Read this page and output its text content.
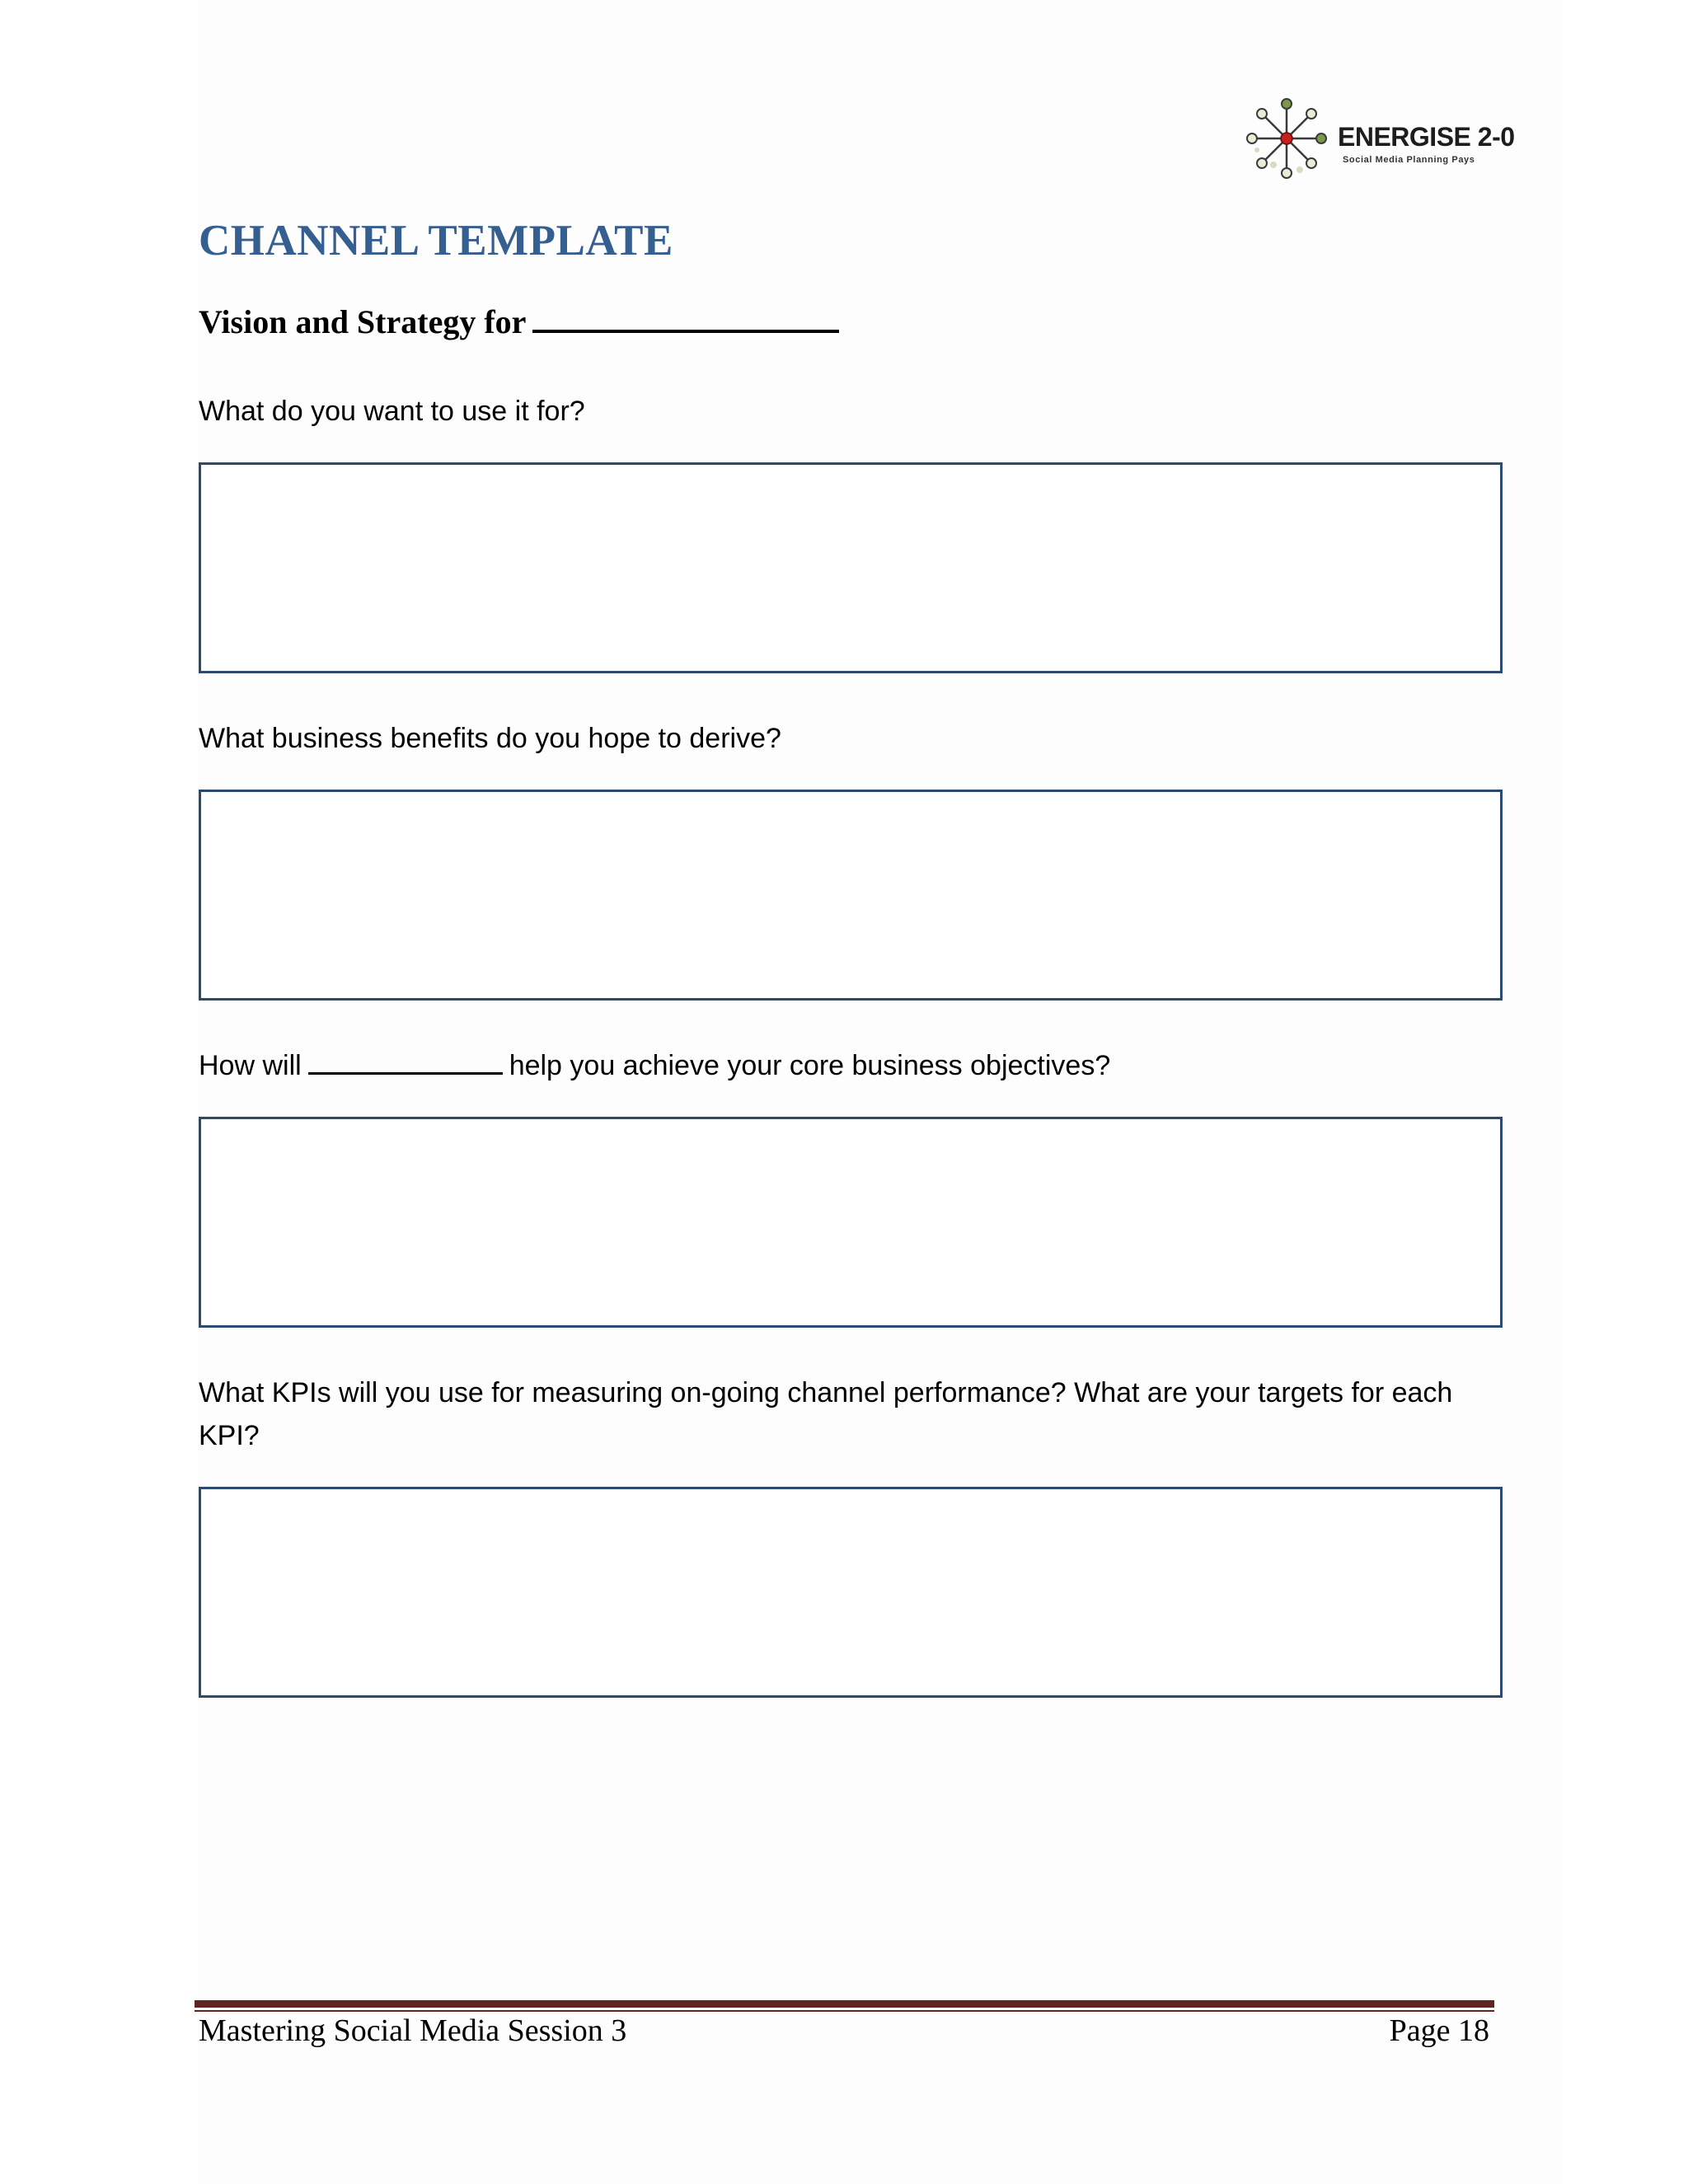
ENERGISE 2-0
Social Media Planning Pays
CHANNEL TEMPLATE
Vision and Strategy for
What do you want to use it for?
What business benefits do you hope to derive?
How will	help you achieve your core business objectives?
What KPIs will you use for measuring on-going channel performance? What are your targets for each KPI?
Mastering Social Media Session 3	Page 18
